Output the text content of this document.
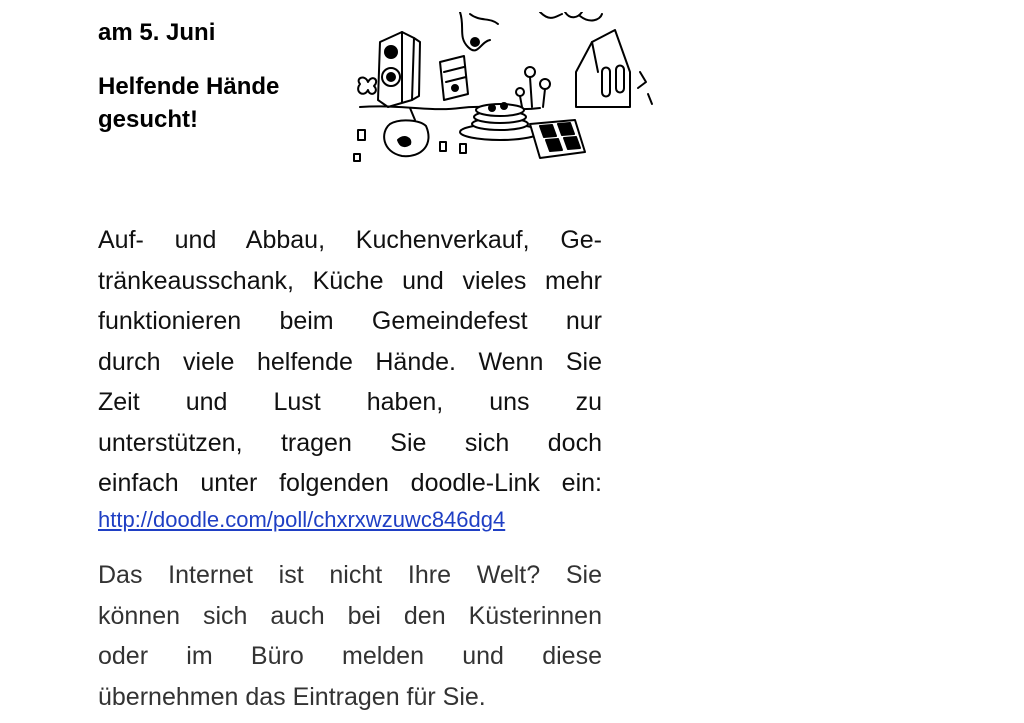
am 5. Juni
Helfende Hände gesucht!
Auf- und Abbau, Kuchenverkauf, Ge-
tränkeausschank, Küche und vieles mehr
funktionieren beim Gemeindefest nur
durch viele helfende Hände. Wenn Sie
Zeit und Lust haben, uns zu
unterstützen, tragen Sie sich doch
einfach unter folgenden doodle-Link ein:
http://doodle.com/poll/chxrxwzuwc846dg4
Das Internet ist nicht Ihre Welt? Sie
können sich auch bei den Küsterinnen
oder im Büro melden und diese
übernehmen das Eintragen für Sie.
